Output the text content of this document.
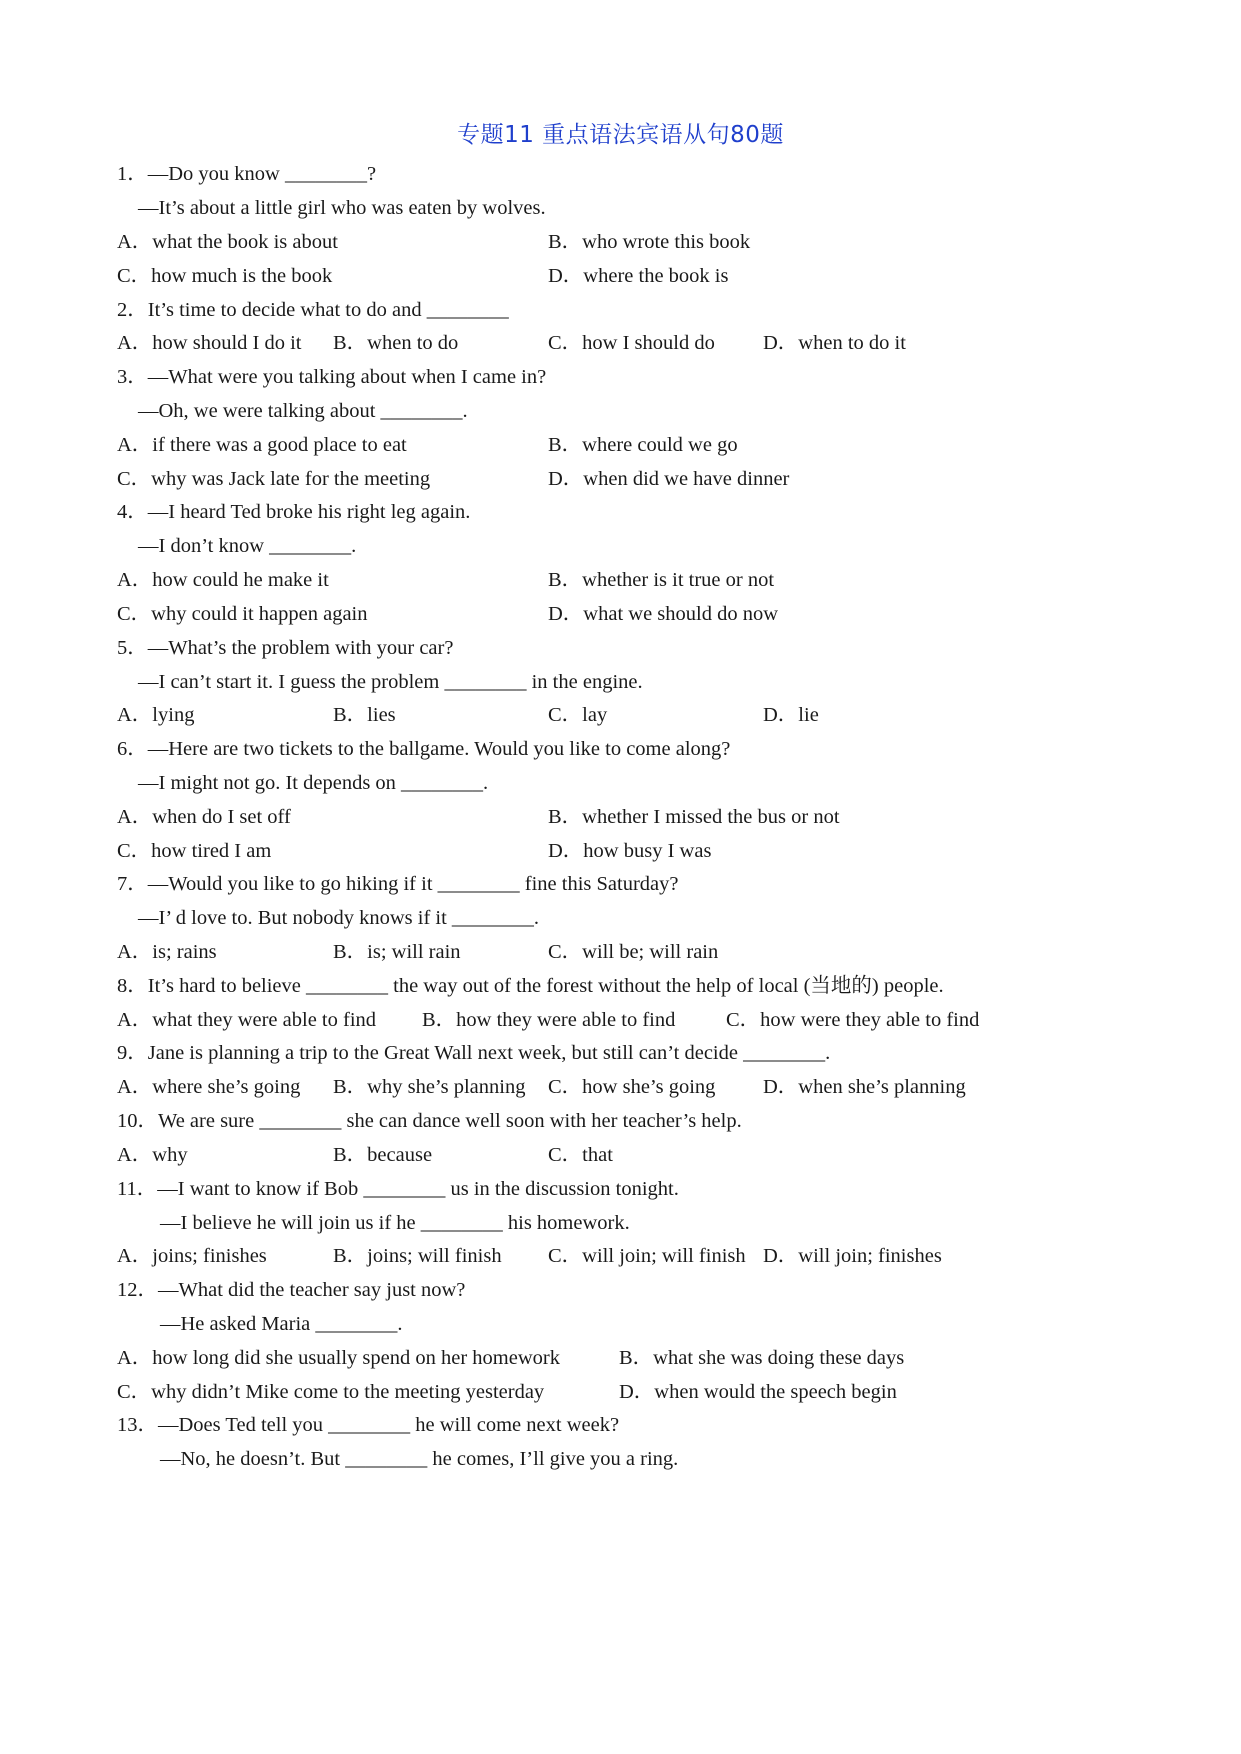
专题11 重点语法宾语从句80题
1．—Do you know ________?
—It’s about a little girl who was eaten by wolves.
A．what the book is about	B．who wrote this book
C．how much is the book	D．where the book is
2．It’s time to decide what to do and ________
A．how should I do it B．when to do	C．how I should do D．when to do it
3．—What were you talking about when I came in?
—Oh, we were talking about ________.
A．if there was a good place to eat	B．where could we go
C．why was Jack late for the meeting	D．when did we have dinner
4．—I heard Ted broke his right leg again.
—I don’t know ________.
A．how could he make it	B．whether is it true or not
C．why could it happen again	D．what we should do now
5．—What’s the problem with your car?
—I can’t start it. I guess the problem ________ in the engine.
A．lying	B．lies	C．lay	D．lie
6．—Here are two tickets to the ballgame. Would you like to come along?
—I might not go. It depends on ________.
A．when do I set off	B．whether I missed the bus or not
C．how tired I am	D．how busy I was
7．—Would you like to go hiking if it ________ fine this Saturday?
—I’ d love to. But nobody knows if it ________.
A．is; rains	B．is; will rain	C．will be; will rain
8．It’s hard to believe ________ the way out of the forest without the help of local (当地的) people.
A．what they were able to find B．how they were able to find C．how were they able to find
9．Jane is planning a trip to the Great Wall next week, but still can’t decide ________.
A．where she’s going B．why she’s planning C．how she’s going D．when she’s planning
10．We are sure ________ she can dance well soon with her teacher’s help.
A．why	B．because	C．that
11．—I want to know if Bob ________ us in the discussion tonight.
—I believe he will join us if he ________ his homework.
A．joins; finishes	B．joins; will finish C．will join; will finish D．will join; finishes
12．—What did the teacher say just now?
—He asked Maria ________.
A．how long did she usually spend on her homework	B．what she was doing these days
C．why didn’t Mike come to the meeting yesterday	D．when would the speech begin
13．—Does Ted tell you ________ he will come next week?
—No, he doesn’t. But ________ he comes, I’ll give you a ring.
